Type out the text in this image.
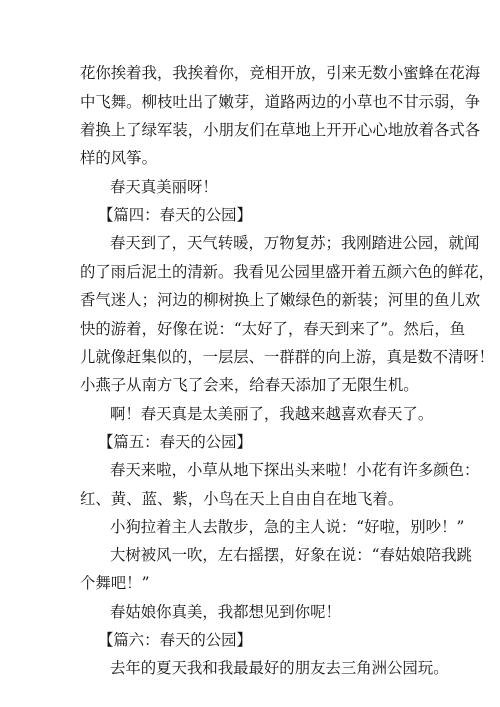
花你挨着我，我挨着你，竞相开放，引来无数小蜜蜂在花海
中飞舞。柳枝吐出了嫩芽，道路两边的小草也不甘示弱，争
着换上了绿军装，小朋友们在草地上开开心心地放着各式各
样的风筝。
春天真美丽呀！
【篇四：春天的公园】
春天到了，天气转暖，万物复苏；我刚踏进公园，就闻
的了雨后泥土的清新。我看见公园里盛开着五颜六色的鲜花，
香气迷人；河边的柳树换上了嫩绿色的新装；河里的鱼儿欢
快的游着，好像在说：“太好了，春天到来了”。然后，鱼
儿就像赶集似的，一层层、一群群的向上游，真是数不清呀！
小燕子从南方飞了会来，给春天添加了无限生机。
啊！春天真是太美丽了，我越来越喜欢春天了。
【篇五：春天的公园】
春天来啦，小草从地下探出头来啦！小花有许多颜色：
红、黄、蓝、紫，小鸟在天上自由自在地飞着。
小狗拉着主人去散步，急的主人说：“好啦，别吵！”
大树被风一吹，左右摇摆，好象在说：“春姑娘陪我跳
个舞吧！”
春姑娘你真美，我都想见到你呢！
【篇六：春天的公园】
去年的夏天我和我最最好的朋友去三角洲公园玩。
